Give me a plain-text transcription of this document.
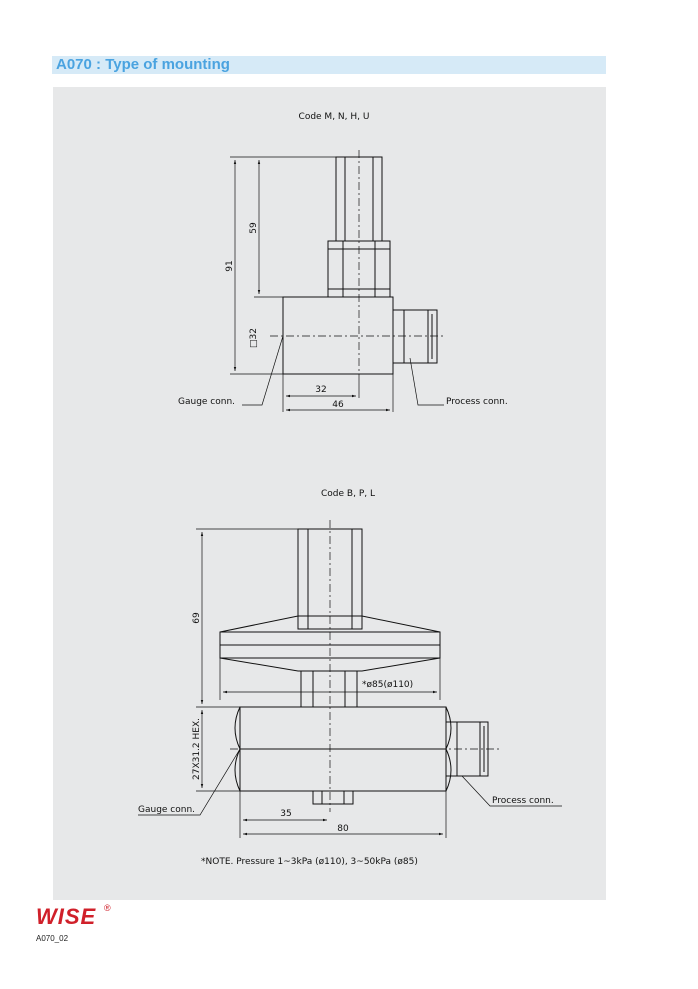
A070 : Type of mounting
Code M, N, H, U
59
91
□32
32
46
Gauge conn.	Process conn.
Code B, P, L
69
*ø85(ø110)
27X31.2 HEX.
35
80
Gauge conn.
Process conn.
*NOTE. Pressure 1~3kPa (ø110), 3~50kPa (ø85)
WISE ®
A070_02
